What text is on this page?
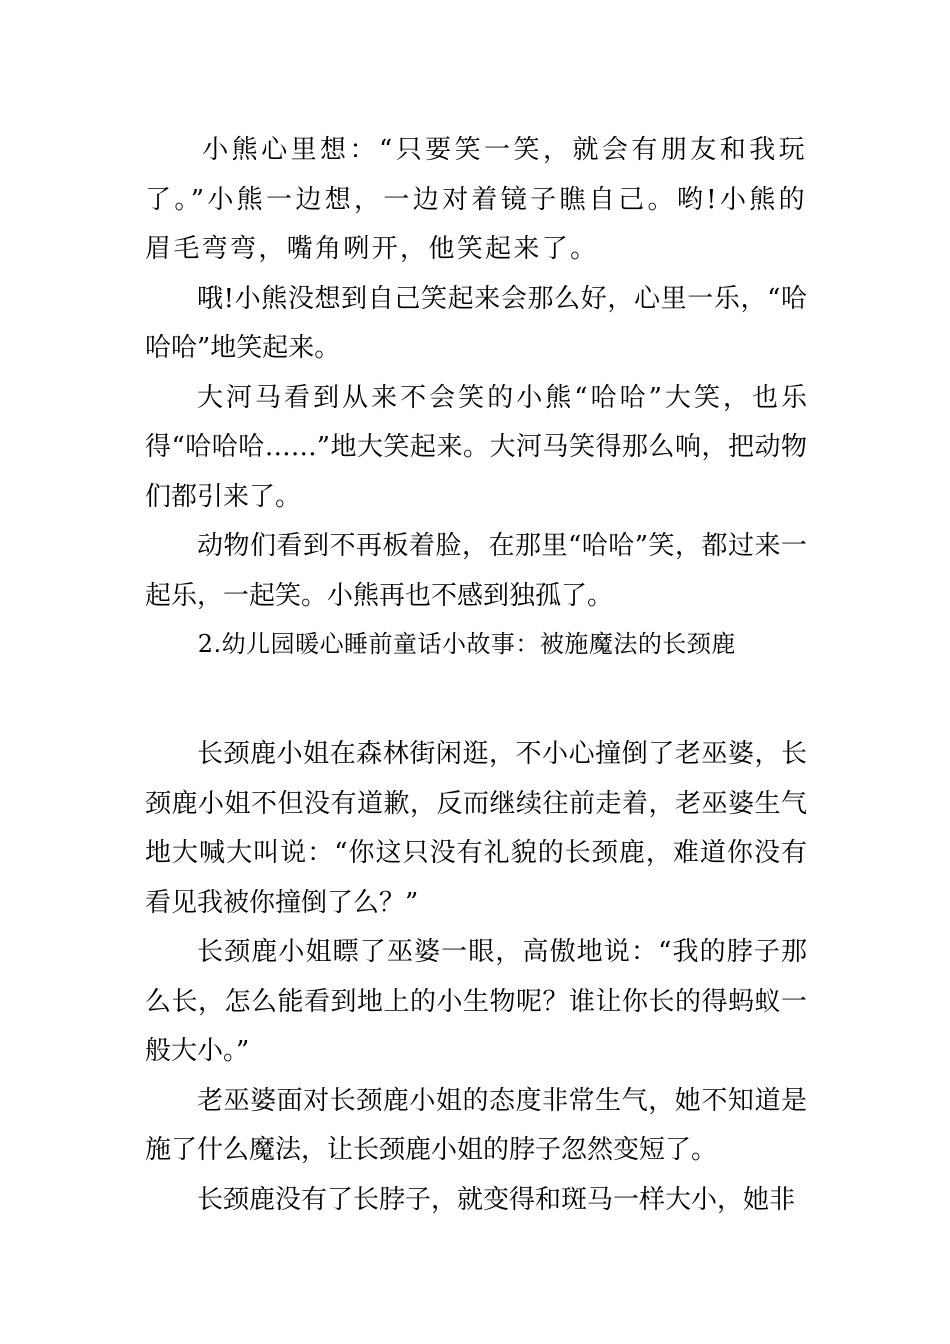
小熊心里想：“只要笑一笑，就会有朋友和我玩了。”小熊一边想，一边对着镜子瞧自己。哟!小熊的眉毛弯弯，嘴角咧开，他笑起来了。

哦!小熊没想到自己笑起来会那么好，心里一乐，“哈哈哈”地笑起来。

大河马看到从来不会笑的小熊“哈哈”大笑，也乐得“哈哈哈……”地大笑起来。大河马笑得那么响，把动物们都引来了。

动物们看到不再板着脸，在那里“哈哈”笑，都过来一起乐，一起笑。小熊再也不感到独孤了。

2.幼儿园暖心睡前童话小故事：被施魔法的长颈鹿

长颈鹿小姐在森林街闲逛，不小心撞倒了老巫婆，长颈鹿小姐不但没有道歉，反而继续往前走着，老巫婆生气地大喊大叫说：“你这只没有礼貌的长颈鹿，难道你没有看见我被你撞倒了么？”

长颈鹿小姐瞟了巫婆一眼，高傲地说：“我的脖子那么长，怎么能看到地上的小生物呢？谁让你长的得蚂蚁一般大小。”

老巫婆面对长颈鹿小姐的态度非常生气，她不知道是施了什么魔法，让长颈鹿小姐的脖子忽然变短了。

长颈鹿没有了长脖子，就变得和斑马一样大小，她非
